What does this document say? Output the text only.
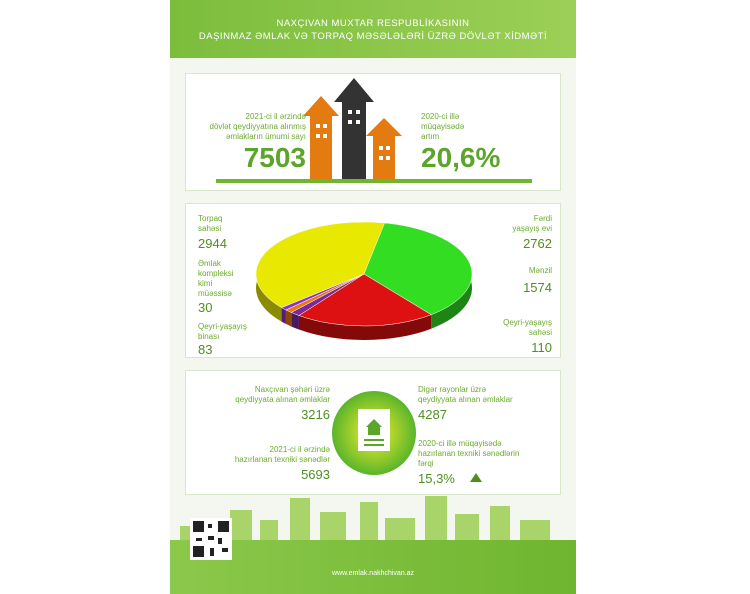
NAXÇIVAN MUXTAR RESPUBLİKASININ
DAŞINMAZ ƏMLAK VƏ TORPAQ MƏSƏLƏLƏRİ ÜZRƏ DÖVLƏT XİDMƏTİ
2021-ci il ərzində
dövlət qeydiyyatına alınmış
əmlakların ümumi sayı
7503
2020-ci illə
müqayisədə
artım
20,6%
Torpaq
sahəsi
2944
Əmlak
kompleksi
kimi
müəssisə
30
Qeyri-yaşayış
binası
83
Fərdi
yaşayış evi
2762
Mənzil
1574
Qeyri-yaşayış
sahəsi
110
Naxçıvan şəhəri üzrə
qeydiyyata alınan əmlaklar
3216
2021-ci il ərzində
hazırlanan texniki sənədlər
5693
Digər rayonlar üzrə
qeydiyyata alınan əmlaklar
4287
2020-ci illə müqayisədə
hazırlanan texniki sənədlərin
fərqi
15,3%
www.emlak.nakhchivan.az
